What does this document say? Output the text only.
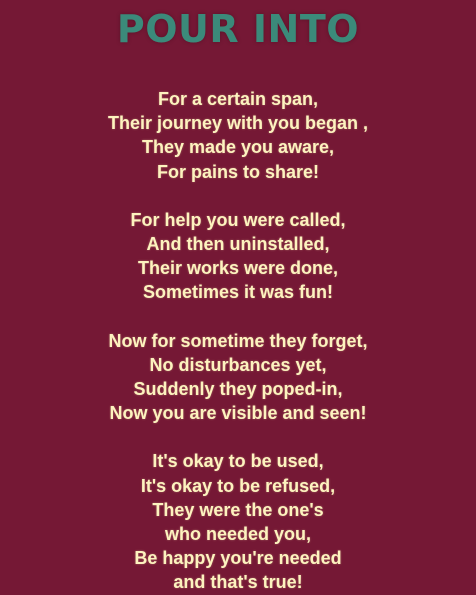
POUR INTO
For a certain span,
Their journey with you began ,
They made you aware,
For pains to share!
For help you were called,
And then uninstalled,
Their works were done,
Sometimes it was fun!
Now for sometime they forget,
No disturbances yet,
Suddenly they poped-in,
Now you are visible and seen!
It's okay to be used,
It's okay to be refused,
They were the one's
who needed you,
Be happy you're needed
and that's true!
